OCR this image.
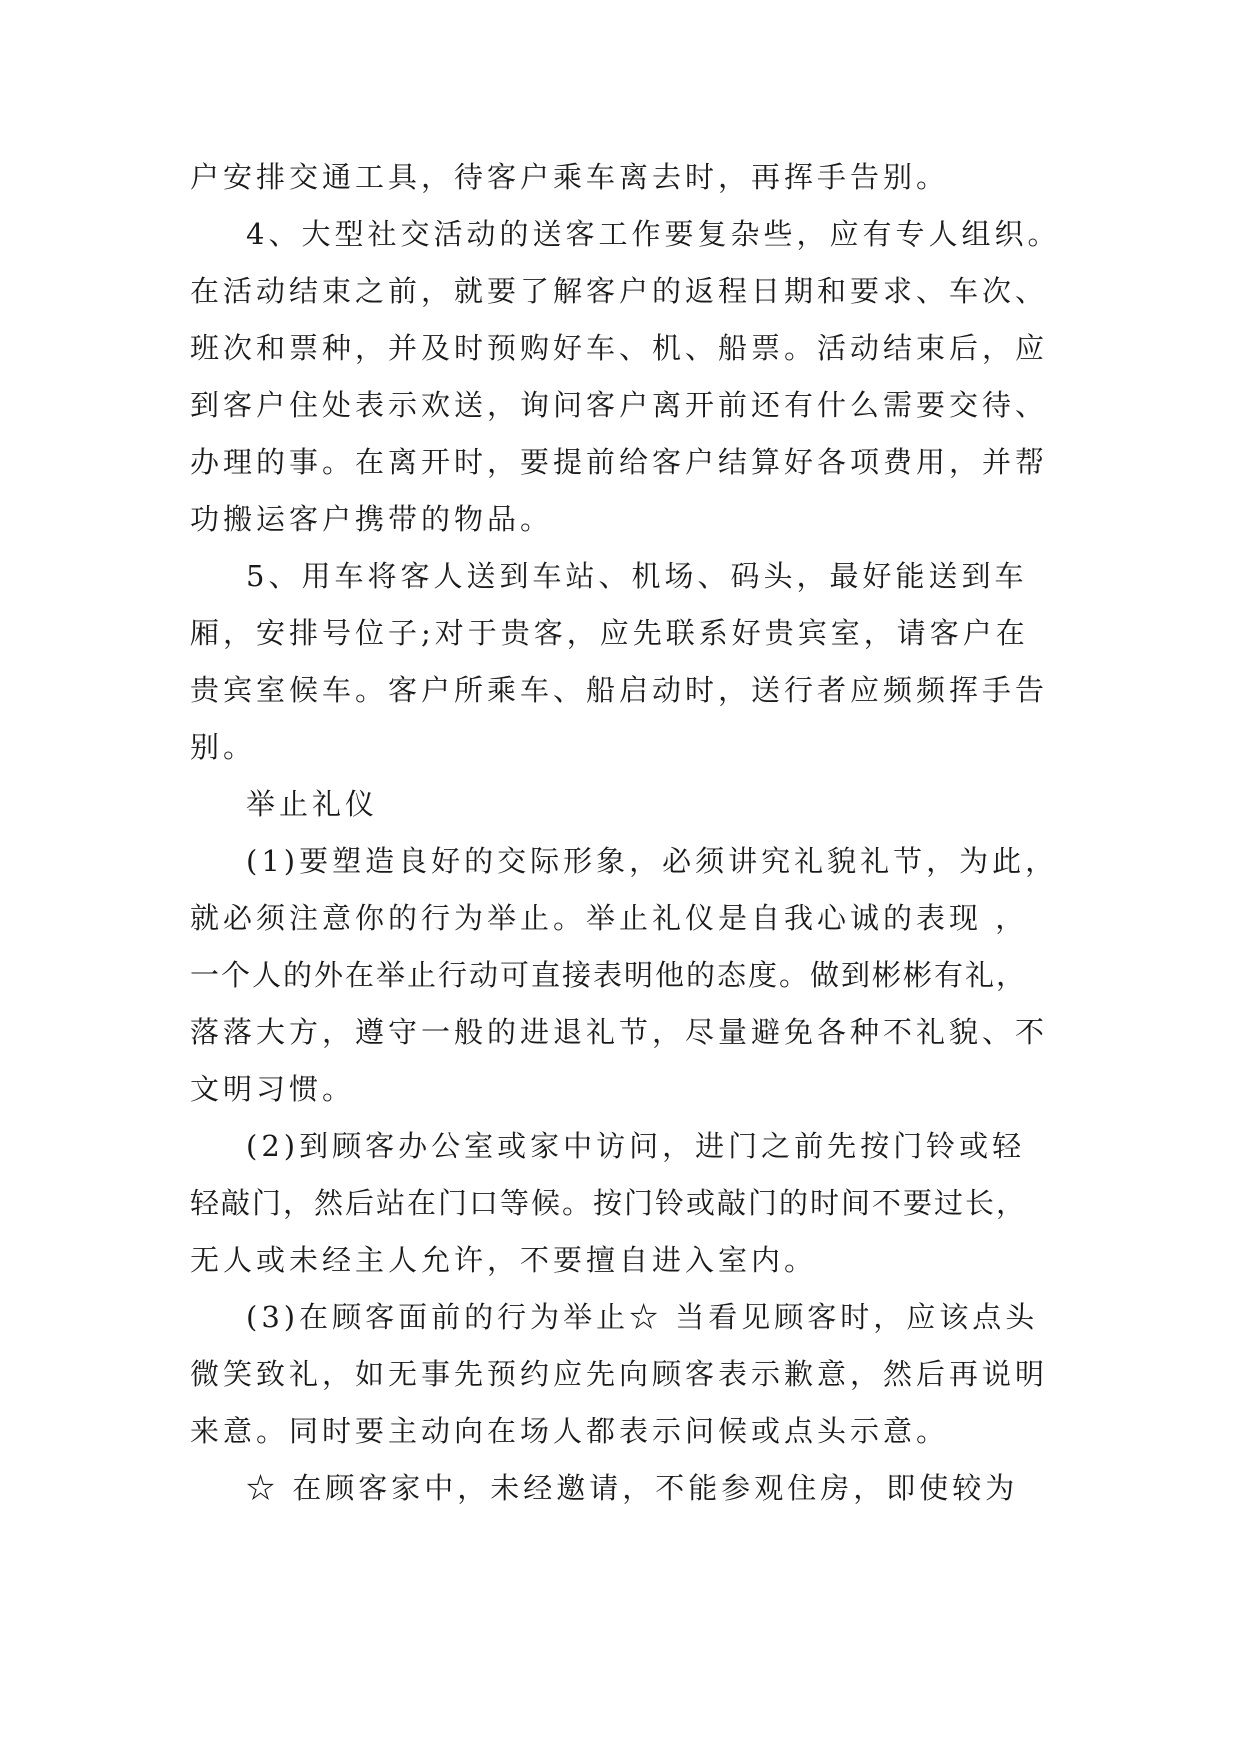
户安排交通工具，待客户乘车离去时，再挥手告别。
4、大型社交活动的送客工作要复杂些，应有专人组织。
在活动结束之前，就要了解客户的返程日期和要求、车次、
班次和票种，并及时预购好车、机、船票。活动结束后，应
到客户住处表示欢送，询问客户离开前还有什么需要交待、
办理的事。在离开时，要提前给客户结算好各项费用，并帮
功搬运客户携带的物品。
5、用车将客人送到车站、机场、码头，最好能送到车
厢，安排号位子;对于贵客，应先联系好贵宾室，请客户在
贵宾室候车。客户所乘车、船启动时，送行者应频频挥手告
别。
举止礼仪
(1)要塑造良好的交际形象，必须讲究礼貌礼节，为此，
就必须注意你的行为举止。举止礼仪是自我心诚的表现 ，
一个人的外在举止行动可直接表明他的态度。做到彬彬有礼，
落落大方，遵守一般的进退礼节，尽量避免各种不礼貌、不
文明习惯。
(2)到顾客办公室或家中访问，进门之前先按门铃或轻
轻敲门，然后站在门口等候。按门铃或敲门的时间不要过长，
无人或未经主人允许，不要擅自进入室内。
(3)在顾客面前的行为举止☆ 当看见顾客时，应该点头
微笑致礼，如无事先预约应先向顾客表示歉意，然后再说明
来意。同时要主动向在场人都表示问候或点头示意。
☆ 在顾客家中，未经邀请，不能参观住房，即使较为
